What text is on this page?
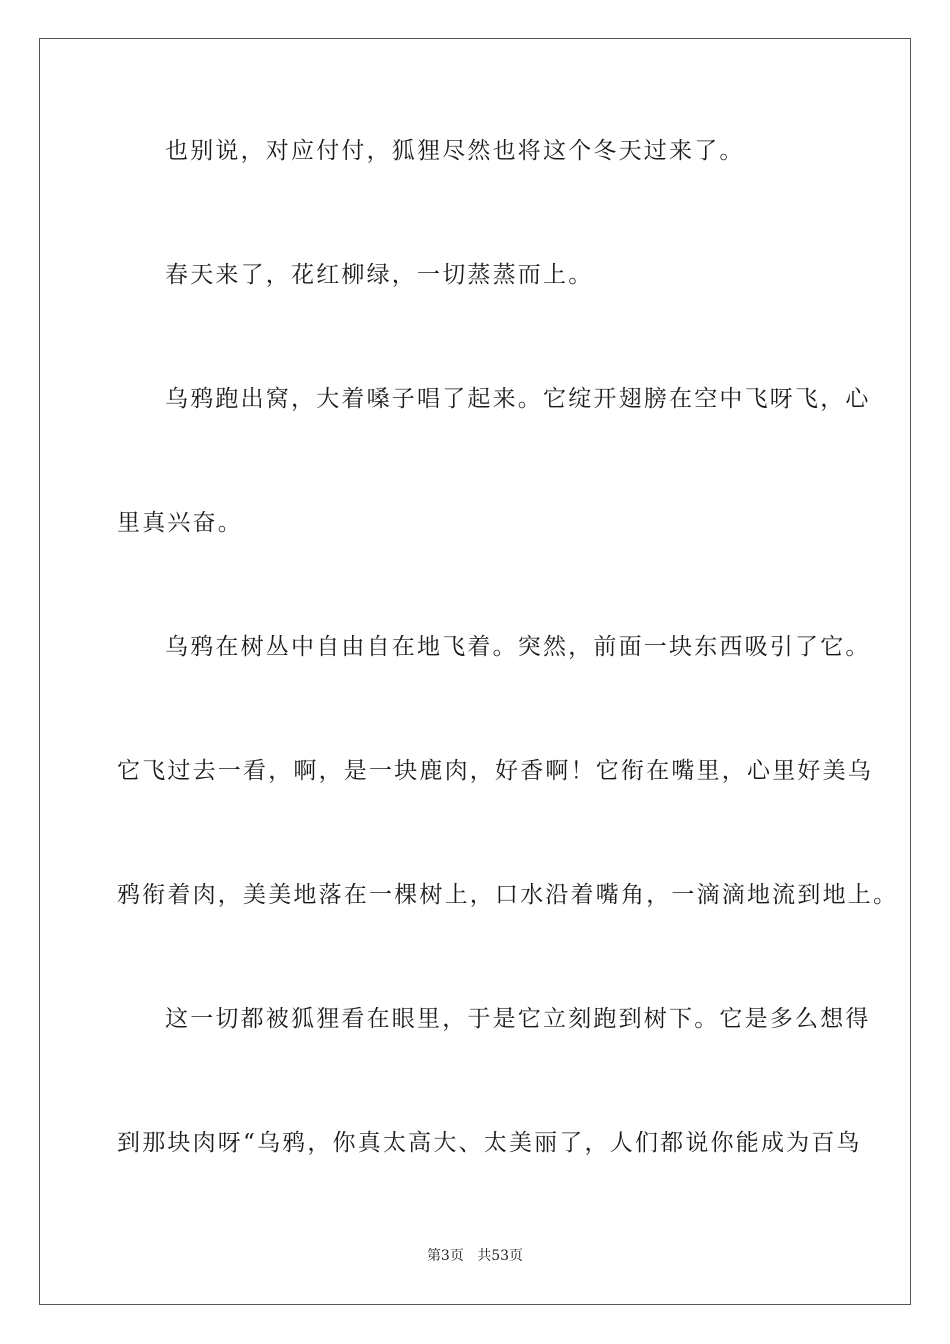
也别说，对应付付，狐狸尽然也将这个冬天过来了。
春天来了，花红柳绿，一切蒸蒸而上。
乌鸦跑出窝，大着嗓子唱了起来。它绽开翅膀在空中飞呀飞，心
里真兴奋。
乌鸦在树丛中自由自在地飞着。突然，前面一块东西吸引了它。
它飞过去一看，啊，是一块鹿肉，好香啊！它衔在嘴里，心里好美乌
鸦衔着肉，美美地落在一棵树上，口水沿着嘴角，一滴滴地流到地上。
这一切都被狐狸看在眼里，于是它立刻跑到树下。它是多么想得
到那块肉呀“乌鸦，你真太高大、太美丽了，人们都说你能成为百鸟
第3页 共53页
